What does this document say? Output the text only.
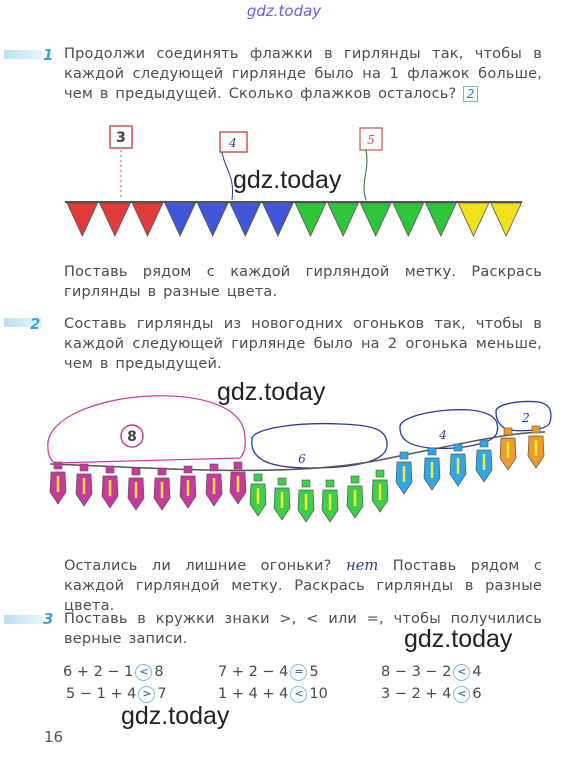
gdz.today
1 Продолжи соединять флажки в гирлянды так, чтобы в каждой следующей гирлянде было на 1 флажок больше, чем в предыдущей. Сколько флажков осталось? 2
3	4	5
gdz.today
Поставь рядом с каждой гирляндой метку. Раскрась гирлянды в разные цвета.
2 Составь гирлянды из новогодних огоньков так, чтобы в каждой следующей гирлянде было на 2 огонька меньше, чем в предыдущей.
gdz.today
8
6
4
2
Остались ли лишние огоньки? нет Поставь рядом с каждой гирляндой метку. Раскрась гирлянды в разные цвета.
3 Поставь в кружки знаки >, < или =, чтобы получились верные записи.	gdz.today
6 + 2 − 1 < 8	7 + 2 − 4 = 5	8 − 3 − 2 < 4
5 − 1 + 4 > 7	1 + 4 + 4 < 10	3 − 2 + 4 < 6
gdz.today
16
